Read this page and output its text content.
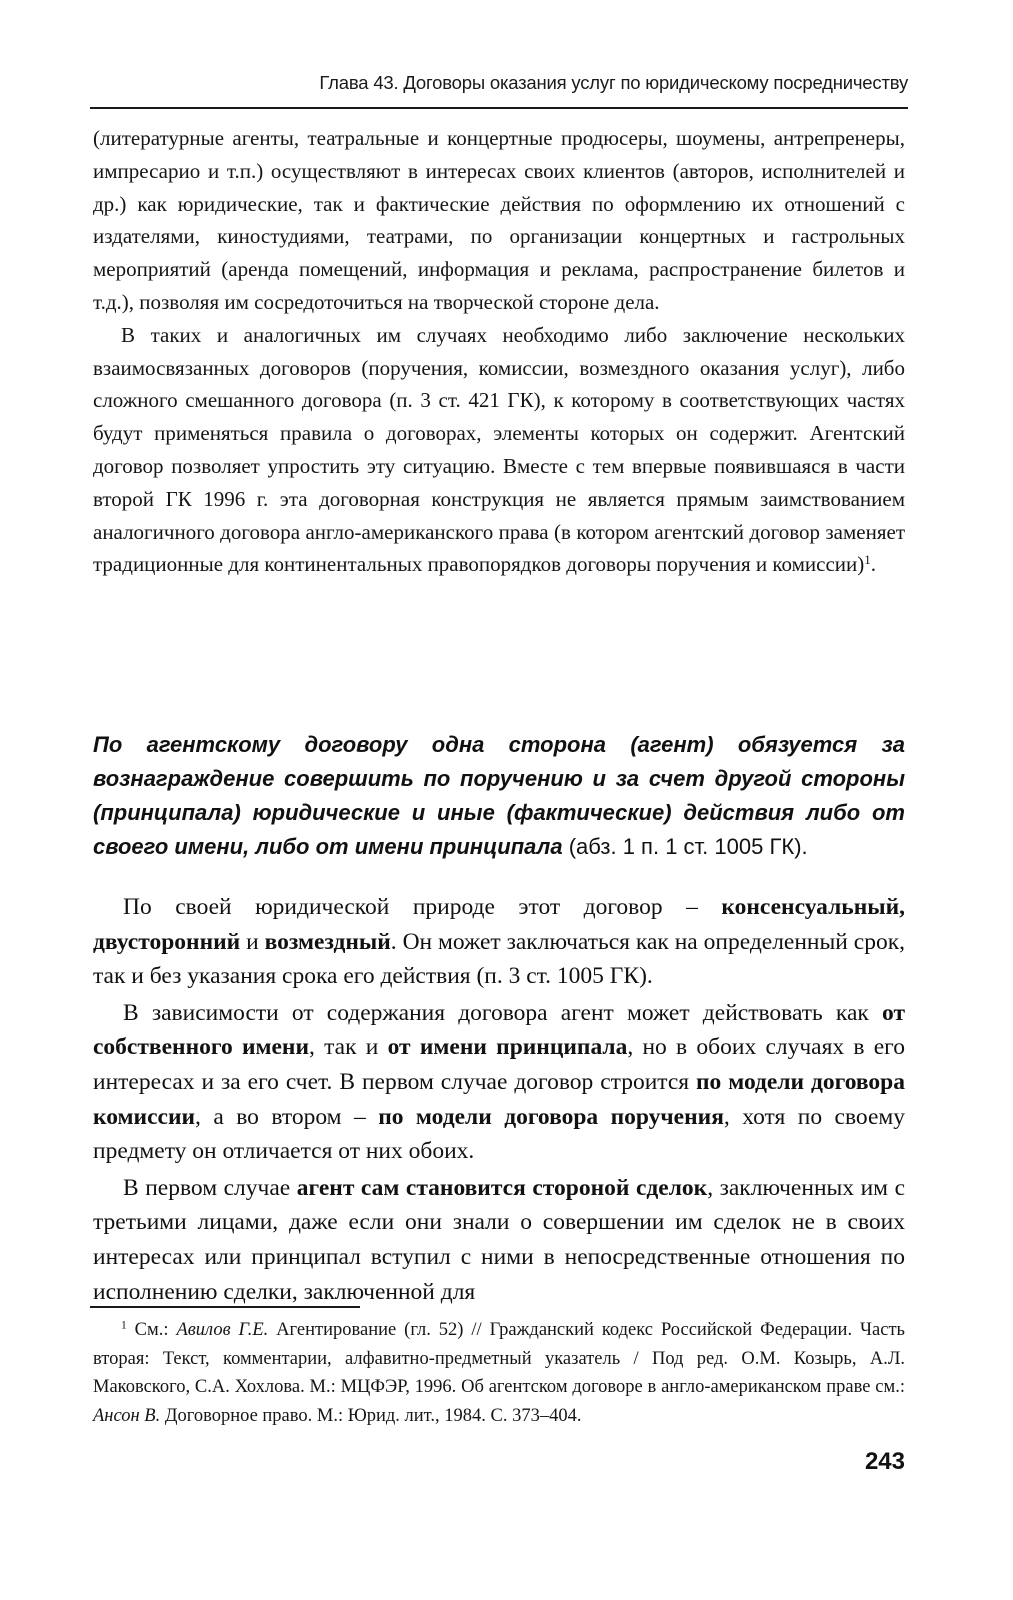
Глава 43. Договоры оказания услуг по юридическому посредничеству

(литературные агенты, театральные и концертные продюсеры, шоумены, антрепренеры, импресарио и т.п.) осуществляют в интересах своих клиентов (авторов, исполнителей и др.) как юридические, так и фактические действия по оформлению их отношений с издателями, киностудиями, театрами, по организации концертных и гастрольных мероприятий (аренда помещений, информация и реклама, распространение билетов и т.д.), позволяя им сосредоточиться на творческой стороне дела.

В таких и аналогичных им случаях необходимо либо заключение нескольких взаимосвязанных договоров (поручения, комиссии, возмездного оказания услуг), либо сложного смешанного договора (п. 3 ст. 421 ГК), к которому в соответствующих частях будут применяться правила о договорах, элементы которых он содержит. Агентский договор позволяет упростить эту ситуацию. Вместе с тем впервые появившаяся в части второй ГК 1996 г. эта договорная конструкция не является прямым заимствованием аналогичного договора англо-американского права (в котором агентский договор заменяет традиционные для континентальных правопорядков договоры поручения и комиссии)$^1$.

По агентскому договору одна сторона (агент) обязуется за вознаграждение совершить по поручению и за счет другой стороны (принципала) юридические и иные (фактические) действия либо от своего имени, либо от имени принципала (абз. 1 п. 1 ст. 1005 ГК).

По своей юридической природе этот договор – консенсуальный, двусторонний и возмездный. Он может заключаться как на определенный срок, так и без указания срока его действия (п. 3 ст. 1005 ГК).

В зависимости от содержания договора агент может действовать как от собственного имени, так и от имени принципала, но в обоих случаях в его интересах и за его счет. В первом случае договор строится по модели договора комиссии, а во втором – по модели договора поручения, хотя по своему предмету он отличается от них обоих.

В первом случае агент сам становится стороной сделок, заключенных им с третьими лицами, даже если они знали о совершении им сделок не в своих интересах или принципал вступил с ними в непосредственные отношения по исполнению сделки, заключенной для

$^1$ См.: Авилов Г.Е. Агентирование (гл. 52) // Гражданский кодекс Российской Федерации. Часть вторая: Текст, комментарии, алфавитно-предметный указатель / Под ред. О.М. Козырь, А.Л. Маковского, С.А. Хохлова. М.: МЦФЭР, 1996. Об агентском договоре в англо-американском праве см.: Ансон В. Договорное право. М.: Юрид. лит., 1984. С. 373–404.

243
